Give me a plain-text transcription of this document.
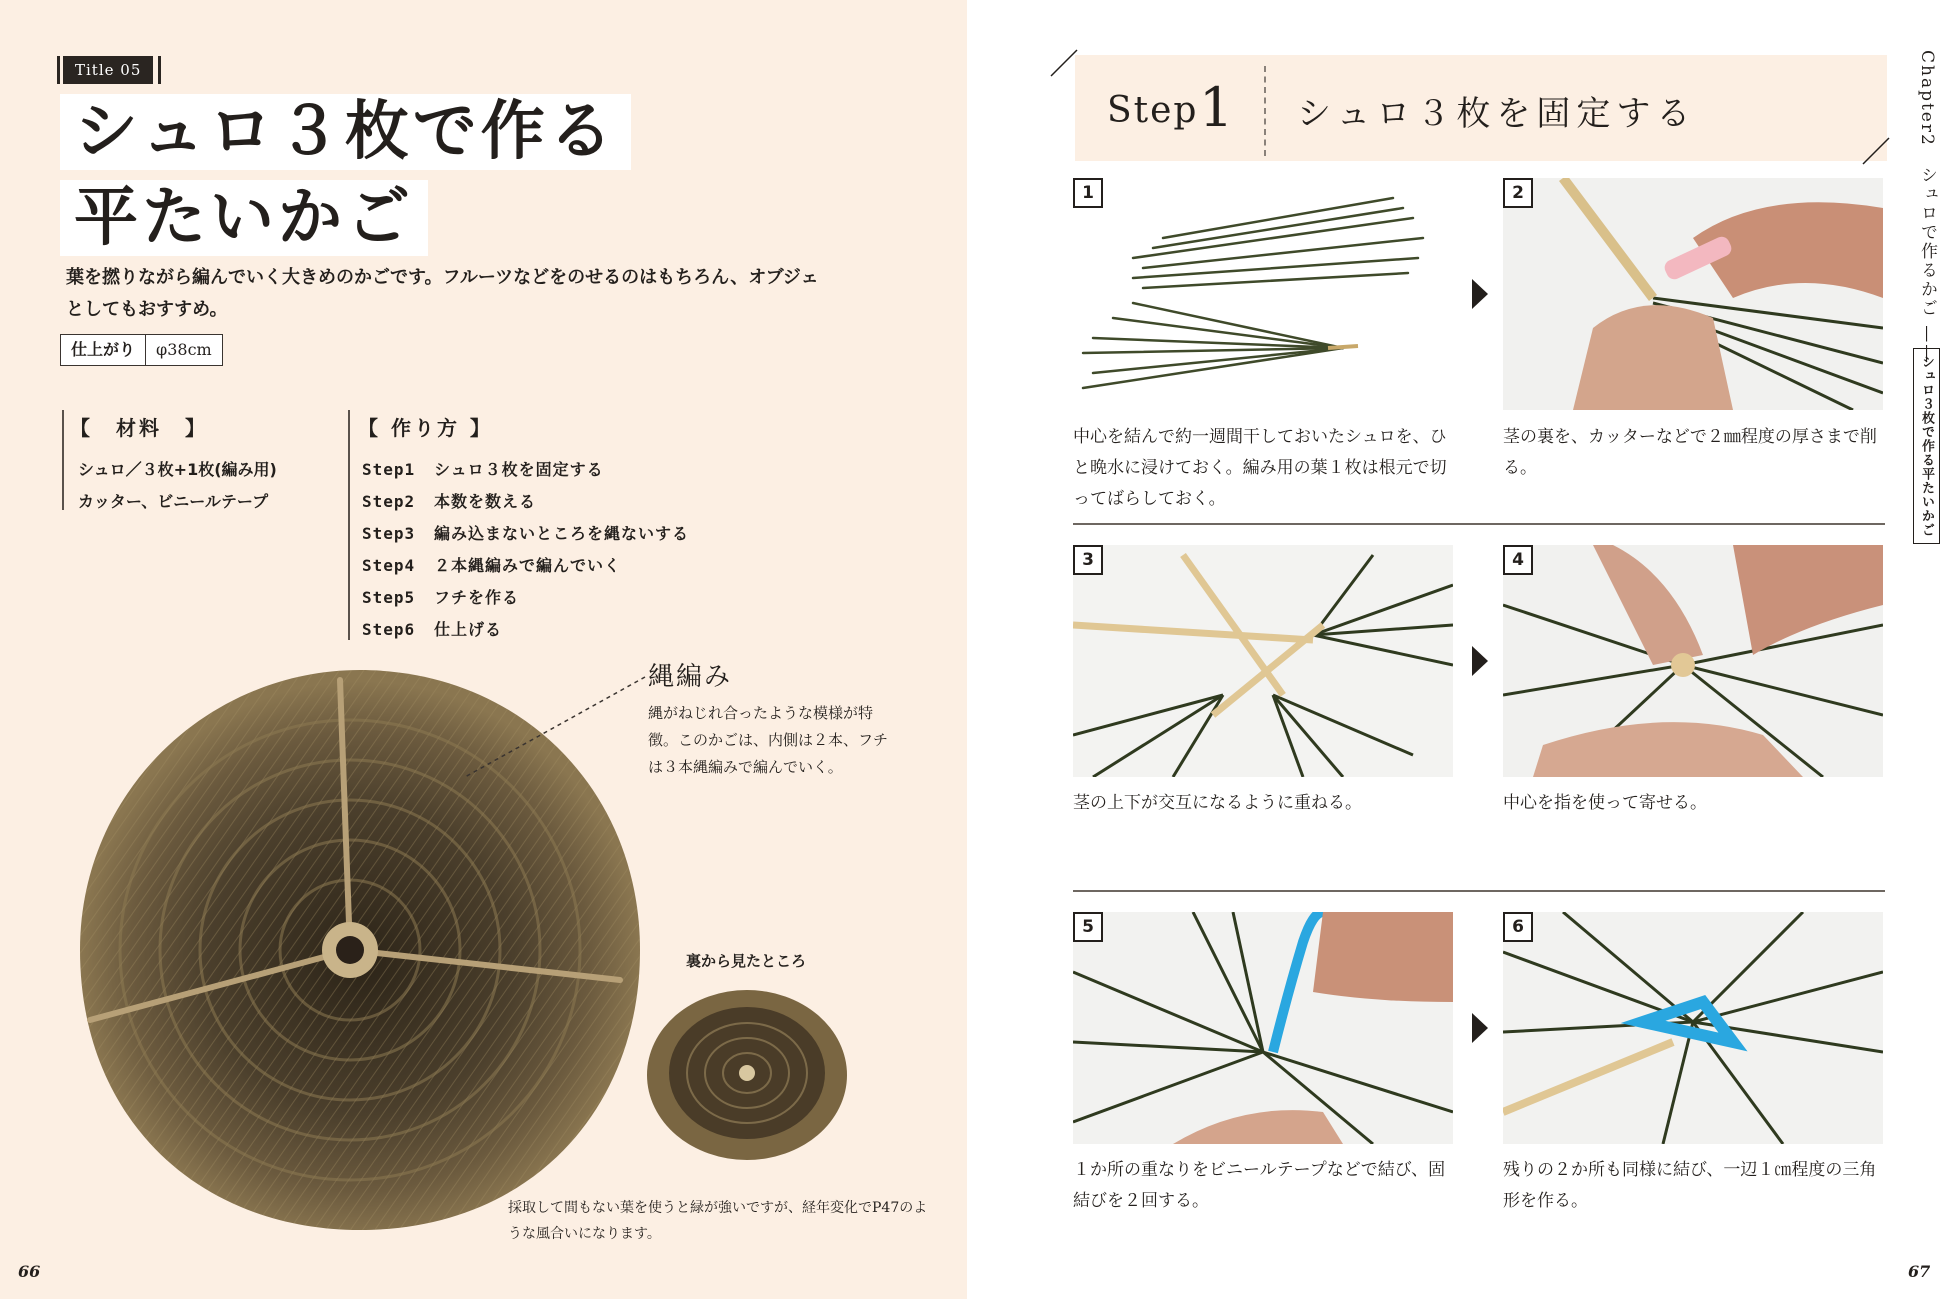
Title 05
シュロ３枚で作る
平たいかご
葉を撚りながら編んでいく大きめのかごです。フルーツなどをのせるのはもちろん、オブジェとしてもおすすめ。
仕上がり	φ38cm
【　材料　】
シュロ／３枚+1枚(編み用)
カッター、ビニールテープ
【 作り方 】
Step1 シュロ３枚を固定する
Step2 本数を数える
Step3 編み込まないところを縄ないする
Step4 ２本縄編みで編んでいく
Step5 フチを作る
Step6 仕上げる
縄編み
縄がねじれ合ったような模様が特徴。このかごは、内側は２本、フチは３本縄編みで編んでいく。
裏から見たところ
採取して間もない葉を使うと緑が強いですが、経年変化でP47のような風合いになります。
66
Step 1 シュロ３枚を固定する
1	2
中心を結んで約一週間干しておいたシュロを、ひと晩水に浸けておく。編み用の葉１枚は根元で切ってばらしておく。
茎の裏を、カッターなどで２㎜程度の厚さまで削る。
3	4
茎の上下が交互になるように重ねる。	中心を指を使って寄せる。
5	6
１か所の重なりをビニールテープなどで結び、固結びを２回する。
残りの２か所も同様に結び、一辺１㎝程度の三角形を作る。
Chapter2　シュロで作るかご ——
シュロ３枚で作る平たいかご
67
